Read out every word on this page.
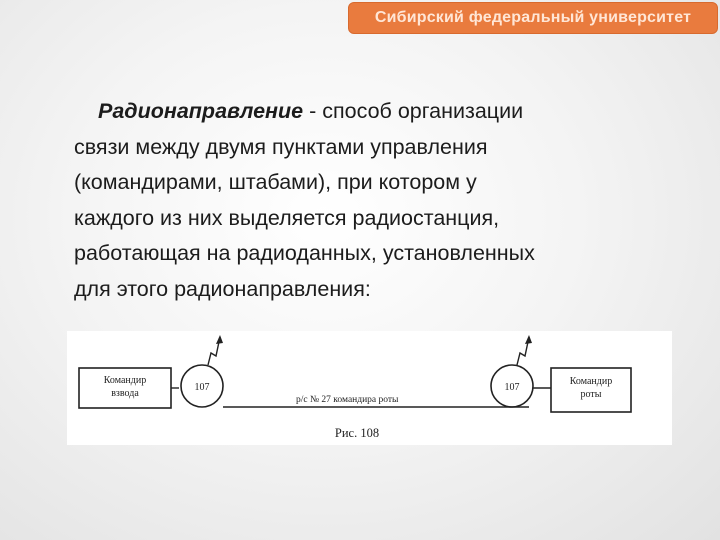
Сибирский федеральный университет
Радионаправление - способ организации
связи между двумя пунктами управления
(командирами, штабами), при котором у
каждого из них выделяется радиостанция,
работающая на радиоданных, установленных
для этого радионаправления:
Командир
взвода
107
р/с № 27 командира роты
107
Командир
роты
Рис. 108
